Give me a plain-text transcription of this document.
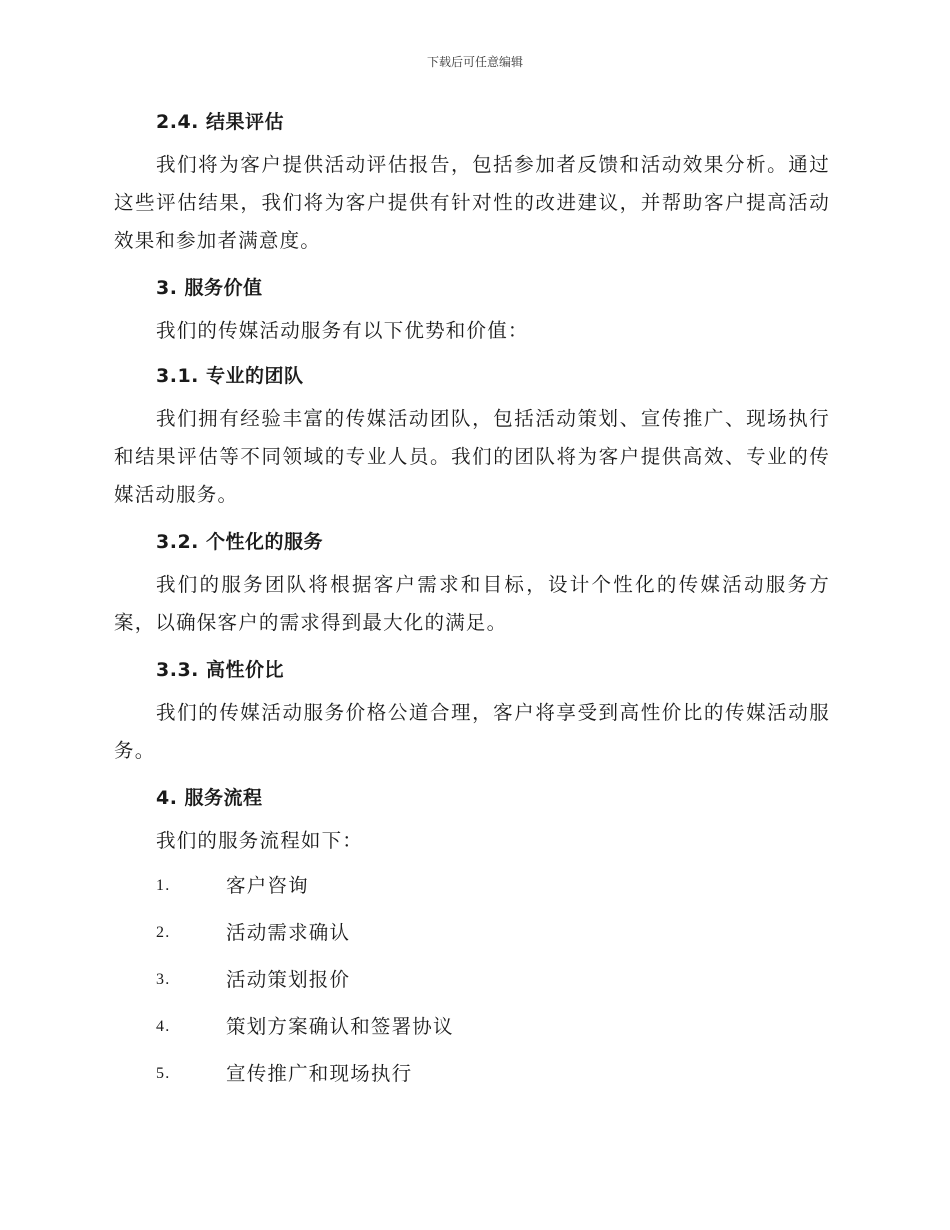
下载后可任意编辑
2.4. 结果评估

我们将为客户提供活动评估报告，包括参加者反馈和活动效果分析。通过这些评估结果，我们将为客户提供有针对性的改进建议，并帮助客户提高活动效果和参加者满意度。

3. 服务价值

我们的传媒活动服务有以下优势和价值：

3.1. 专业的团队

我们拥有经验丰富的传媒活动团队，包括活动策划、宣传推广、现场执行和结果评估等不同领域的专业人员。我们的团队将为客户提供高效、专业的传媒活动服务。

3.2. 个性化的服务

我们的服务团队将根据客户需求和目标，设计个性化的传媒活动服务方案，以确保客户的需求得到最大化的满足。

3.3. 高性价比

我们的传媒活动服务价格公道合理，客户将享受到高性价比的传媒活动服务。

4. 服务流程

我们的服务流程如下：

1.	客户咨询
2.	活动需求确认
3.	活动策划报价
4.	策划方案确认和签署协议
5.	宣传推广和现场执行
